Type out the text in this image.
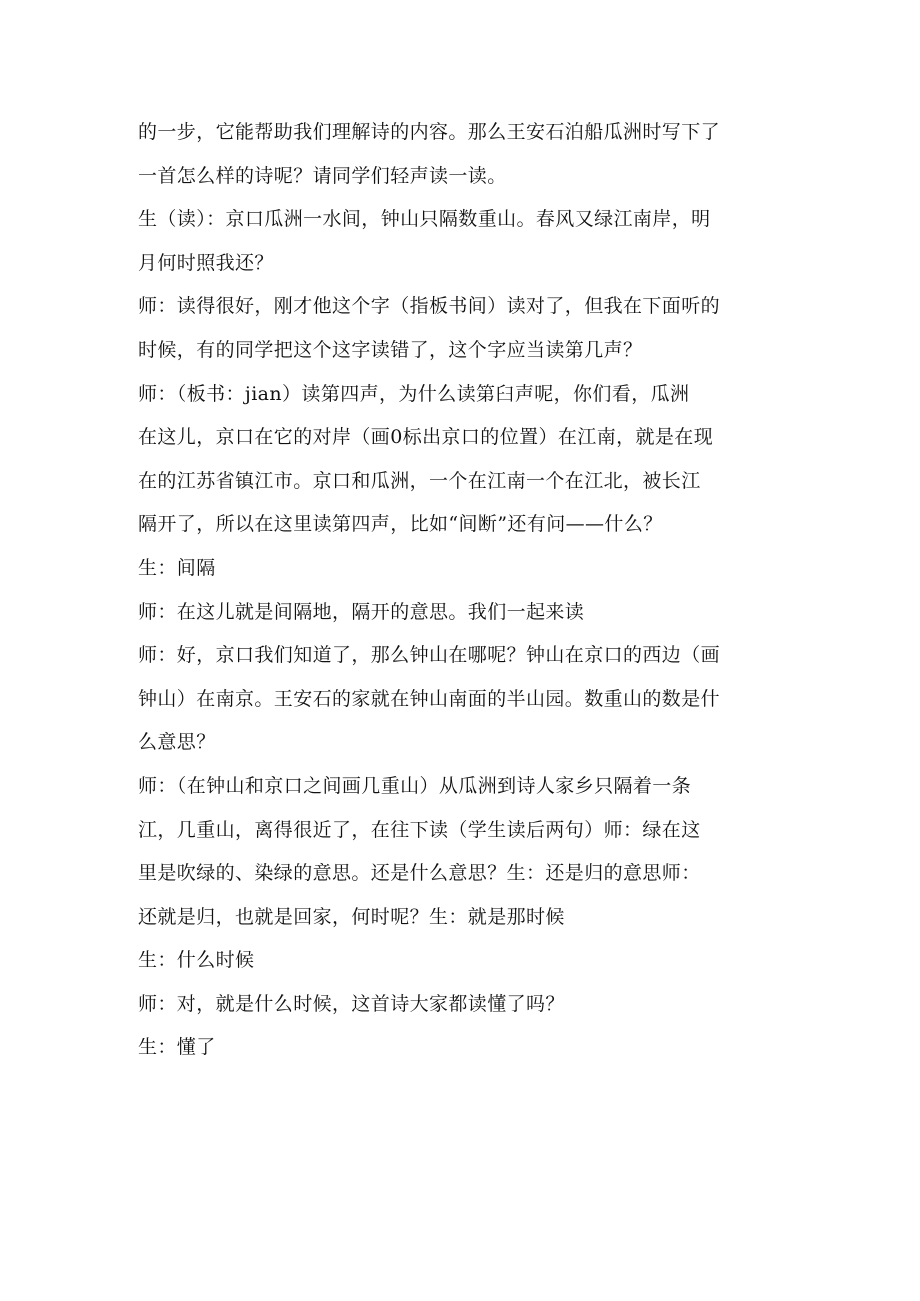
的一步，它能帮助我们理解诗的内容。那么王安石泊船瓜洲时写下了
一首怎么样的诗呢？请同学们轻声读一读。
生（读）：京口瓜洲一水间，钟山只隔数重山。春风又绿江南岸，明
月何时照我还？
师：读得很好，刚才他这个字（指板书间）读对了，但我在下面听的
时候，有的同学把这个这字读错了，这个字应当读第几声？
师：（板书：jian）读第四声，为什么读第臼声呢，你们看，瓜洲
在这儿，京口在它的对岸（画0标出京口的位置）在江南，就是在现
在的江苏省镇江市。京口和瓜洲，一个在江南一个在江北，被长江
隔开了，所以在这里读第四声，比如“间断”还有问——什么？
生：间隔
师：在这儿就是间隔地，隔开的意思。我们一起来读
师：好，京口我们知道了，那么钟山在哪呢？钟山在京口的西边（画
钟山）在南京。王安石的家就在钟山南面的半山园。数重山的数是什
么意思？
师：（在钟山和京口之间画几重山）从瓜洲到诗人家乡只隔着一条
江，几重山，离得很近了，在往下读（学生读后两句）师：绿在这
里是吹绿的、染绿的意思。还是什么意思？生：还是归的意思师：
还就是归，也就是回家，何时呢？生：就是那时候
生：什么时候
师：对，就是什么时候，这首诗大家都读懂了吗？
生：懂了
